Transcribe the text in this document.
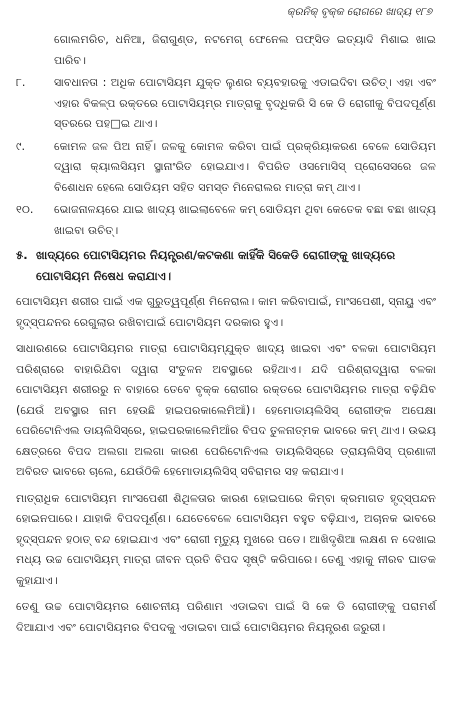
କ୍ରନିକ୍ ବୃକ୍କ ରୋଗରେ ଖାଦ୍ୟ ୧୮୭

ଗୋଲମରିଚ, ଧନିଆ, ଜିରାଗୁଣ୍ଡ, ନଟମେଗ୍ ଫେନେଲ ପଫ୍‌ସିଡ ଇତ୍ୟାଦି ମିଶାଇ ଖାଇ ପାରିବ।

୮.	ସାବଧାନତା : ଅଧିକ ପୋଟାସିୟମ ଯୁକ୍ତ ଲୁଣର ବ୍ୟବହାରକୁ ଏଡାଇଦିବା ଉଚିତ୍। ଏହା ଏବଂ ଏହାର ବିକଳ୍ପ ରକ୍ତରେ ପୋଟାସିୟମ୍‌ର ମାତ୍ରାକୁ ବୃଦ୍ଧିକରି ସି କେ ଡି ରୋଗୀକୁ ବିପଦପୂର୍ଣ୍ଣ ସ୍ତରରେ ପହ□ଇ ଥାଏ।

୯.	କୋମଳ ଜଳ ପିଅ ନାହିଁ। ଜଳକୁ କୋମଳ କରିବା ପାଇଁ ପ୍ରକ୍ରିୟାକରଣ ବେଳେ ସୋଡିୟମ ଦ୍ୱାରା କ୍ୟାଲସିୟମ ସ୍ଥାନାଂରିତ ହୋଇଯାଏ। ବିପରିତ ଓସମୋସିସ୍ ପ୍ରୋସେସରେ ଜଳ ବିଶୋଧନ ହେଲେ ସୋଡିୟମ ସହିତ ସମସ୍ତ ମିନେରାଲର ମାତ୍ରା କମ୍ ଥାଏ।

୧୦.	ଭୋଜନାଳୟରେ ଯାଇ ଖାଦ୍ୟ ଖାଇଲାବେଳେ କମ୍ ସୋଡିୟମ ଥିବା କେତେକ ବଛା ବଛା ଖାଦ୍ୟ ଖାଇବା ଉଚିତ୍।

୫. ଖାଦ୍ୟରେ ପୋଟାସିୟମର ନିୟନ୍ତ୍ରଣ/କଟକଣା କାହିଁକି ସିକେଡି ରୋଗୀଙ୍କୁ ଖାଦ୍ୟରେ ପୋଟାସିୟମ ନିଷେଧ କରାଯାଏ।

ପୋଟାସିୟମ ଶରୀର ପାଇଁ ଏକ ଗୁରୁତ୍ୱପୂର୍ଣ୍ଣ ମିନେରାଲ। କାମ କରିବାପାଇଁ, ମାଂସପେଶୀ, ସ୍ନାୟୁ ଏବଂ ହୃଦ୍‌ସ୍ପନ୍ଦନର ରେଗୁଲାର ରଖିବାପାଇଁ ପୋଟାସିୟମ ଦରକାର ହୁଏ।

ସାଧାରଣରେ ପୋଟାସିୟମର ମାତ୍ରା ପୋଟାସିୟମ୍‌ଯୁକ୍ତ ଖାଦ୍ୟ ଖାଇବା ଏବଂ ବଳକା ପୋଟାସିୟମ ପରିଶ୍ରାରେ ବାହାରିଯିବା ଦ୍ୱାରା ସଂତୁଳନ ଅବସ୍ଥାରେ ରହିଥାଏ। ଯଦି ପରିଶ୍ରାଦ୍ୱାରା ବଳକା ପୋଟାସିୟମ ଶରୀରରୁ ନ ବାହାରେ ତେବେ ବୃକ୍କ ରୋଗୀର ରକ୍ତରେ ପୋଟାସିୟମର ମାତ୍ରା ବଢ଼ିଯିବ (ଯେଉଁ ଅବସ୍ଥାର ନାମ ହେଉଛି ହାଇପରକାଲେମିଆଁ)। ହେମୋଡାୟଲିସିସ୍ ରୋଗୀଙ୍କ ଅପେକ୍ଷା ପେରିଟୋନିଏଲ ଡାୟଲିସିସ୍‌ରେ, ହାଇପରକାଲେମିଆଁର ବିପଦ ତୁଳନାତ୍ମକ ଭାବରେ କମ୍ ଥାଏ। ଉଭୟ କ୍ଷେତ୍ରରେ ବିପଦ ଅଲଗା ଅଲଗା କାରଣ ପେରିଟୋନିଏଲ ଡାୟଲିସିସ୍‌ରେ ଡ୍ରାୟଲିସିସ୍ ପ୍ରଣାଳୀ ଅବିରତ ଭାବରେ ଚାଲେ, ଯେଉଁଠିକି ହେମୋଡାୟଲିସିସ୍ ସବିରାମର ସହ କରାଯାଏ।

ମାତ୍ରାଧିକ ପୋଟାସିୟମ ମାଂସପେଶୀ ଶିଥିଳତାର କାରଣ ହୋଇପାରେ କିମ୍ବା କ୍ରମାଗତ ହୃଦ୍‌ସ୍ପନ୍ଦନ ହୋଇନପାରେ। ଯାହାକି ବିପଦପୂର୍ଣ୍ଣ। ଯେତେବେଳେ ପୋଟାସିୟମ ବହୁତ ବଢ଼ିଯାଏ, ଅଚାନକ ଭାବରେ ହୃଦ୍‌ସ୍ପନ୍ଦନ ହଠାତ୍ ବନ୍ଦ ହୋଇଯାଏ ଏବଂ ରୋଗୀ ମୃତ୍ୟୁ ମୁଖରେ ପଡେ। ଆଖିଦୃଶିଆ ଲକ୍ଷଣ ନ ଦେଖାଇ ମଧ୍ୟ ଉଚ୍ଚ ପୋଟାସିୟମ୍ ମାତ୍ରା ଜୀବନ ପ୍ରତି ବିପଦ ସୃଷ୍ଟି କରିପାରେ। ତେଣୁ ଏହାକୁ ନୀରବ ଘାତକ କୁହାଯାଏ।

ତେଣୁ ଉଚ୍ଚ ପୋଟାସିୟମର ଶୋଚନୀୟ ପରିଣାମ ଏଡାଇବା ପାଇଁ ସି କେ ଡି ରୋଗୀଙ୍କୁ ପରାମର୍ଶ ଦିଆଯାଏ ଏବଂ ପୋଟାସିୟମର ବିପଦକୁ ଏଡାଇବା ପାଇଁ ପୋଟାସିୟମର ନିୟନ୍ତ୍ରଣ ଜରୁରୀ।
